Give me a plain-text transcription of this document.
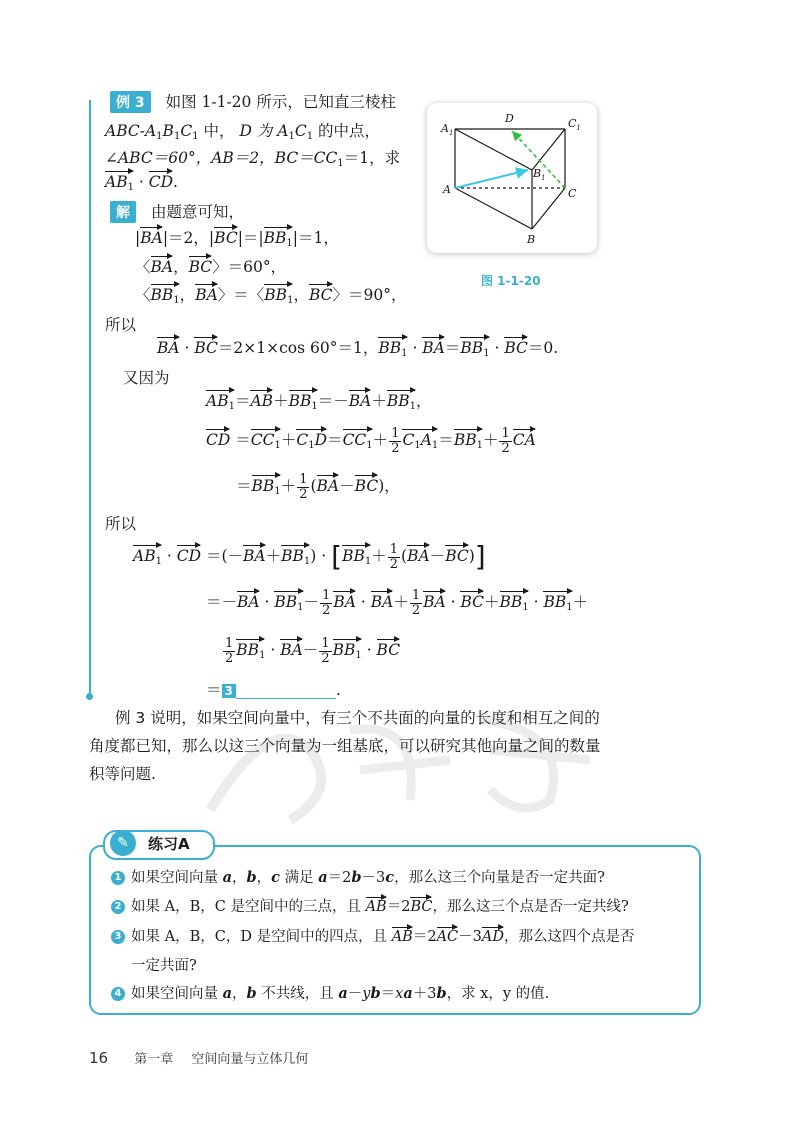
例 3 如图 1-1-20 所示，已知直三棱柱
ABC-$A_1B_1C_1$ 中， D 为 $A_1C_1$ 的中点，
∠ABC＝60°，AB＝2，$BC=CC_1=1$，求
$AB_1$ · CD.
$A_1$
D	$C_1$
$B_1$
A	C
B
图 1-1-20
解 由题意可知，
|BA|＝2，$|BC|=|BB_1|=1$，
〈BA，BC〉＝60°，
〈$BB_1$，BA〉＝〈$BB_1$，BC〉＝90°，
所以
BA · BC＝2×1×cos 60°＝1，$BB_1 \cdot BA=BB_1 \cdot BC=0$.
又因为
$AB_1=AB+BB_1=-BA+BB_1$，
CD $=CC_1+C_1D=CC_1+ \frac{1}{2} C_1A_1=BB_1+ \frac{1}{2}$ CA
$=BB_1+ \frac{1}{2} (BA-BC)$，
所以
$AB_1$ · CD $=(-BA+BB_1) \cdot [BB_1+ \frac{1}{2} (BA-BC)]$
$=-BA \cdot BB_1- \frac{1}{2}$ BA · $BA+ \frac{1}{2}$ BA · $BC+BB_1 \cdot BB_1+$
$\frac{1}{2} BB_1 \cdot BA- \frac{1}{2} BB_1$ · BC
＝ 3	.
例 3 说明，如果空间向量中，有三个不共面的向量的长度和相互之间的
角度都已知，那么以这三个向量为一组基底，可以研究其他向量之间的数量
积等问题.
✎	练习A
1 如果空间向量 a，b，c 满足 a＝2b－3c，那么这三个向量是否一定共面?
2 如果 A，B，C 是空间中的三点，且 AB＝2BC，那么这三个点是否一定共线?
3 如果 A，B，C，D 是空间中的四点，且 AB＝2AC－3AD，那么这四个点是否
一定共面?
4 如果空间向量 a，b 不共线，且 a－yb＝xa＋3b，求 x，y 的值.
16 第一章 空间向量与立体几何
